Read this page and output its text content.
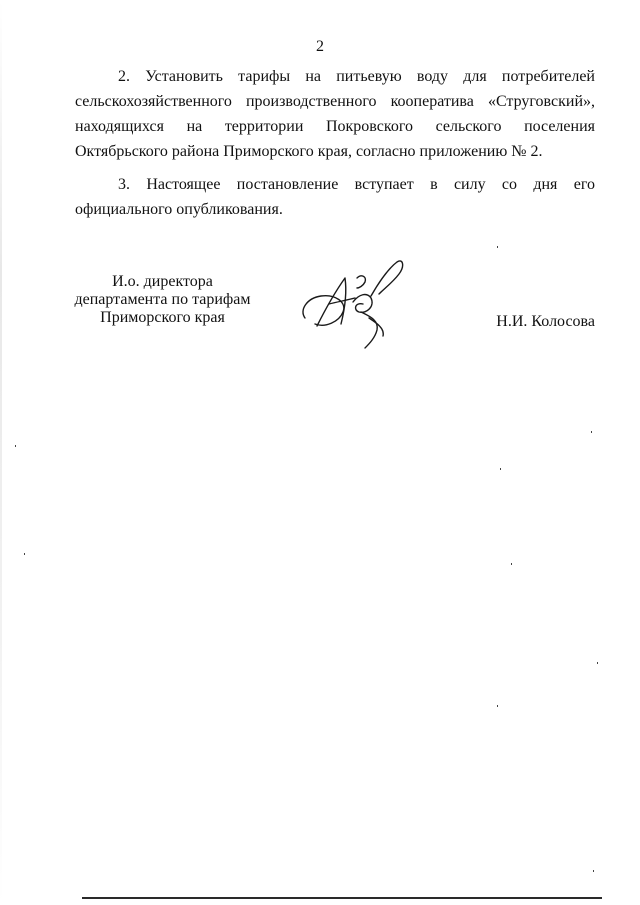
2

2. Установить тарифы на питьевую воду для потребителей сельскохозяйственного производственного кооператива «Струговский», находящихся на территории Покровского сельского поселения Октябрьского района Приморского края, согласно приложению № 2.

3. Настоящее постановление вступает в силу со дня его официального опубликования.

И.о. директора
департамента по тарифам
Приморского края	Н.И. Колосова
